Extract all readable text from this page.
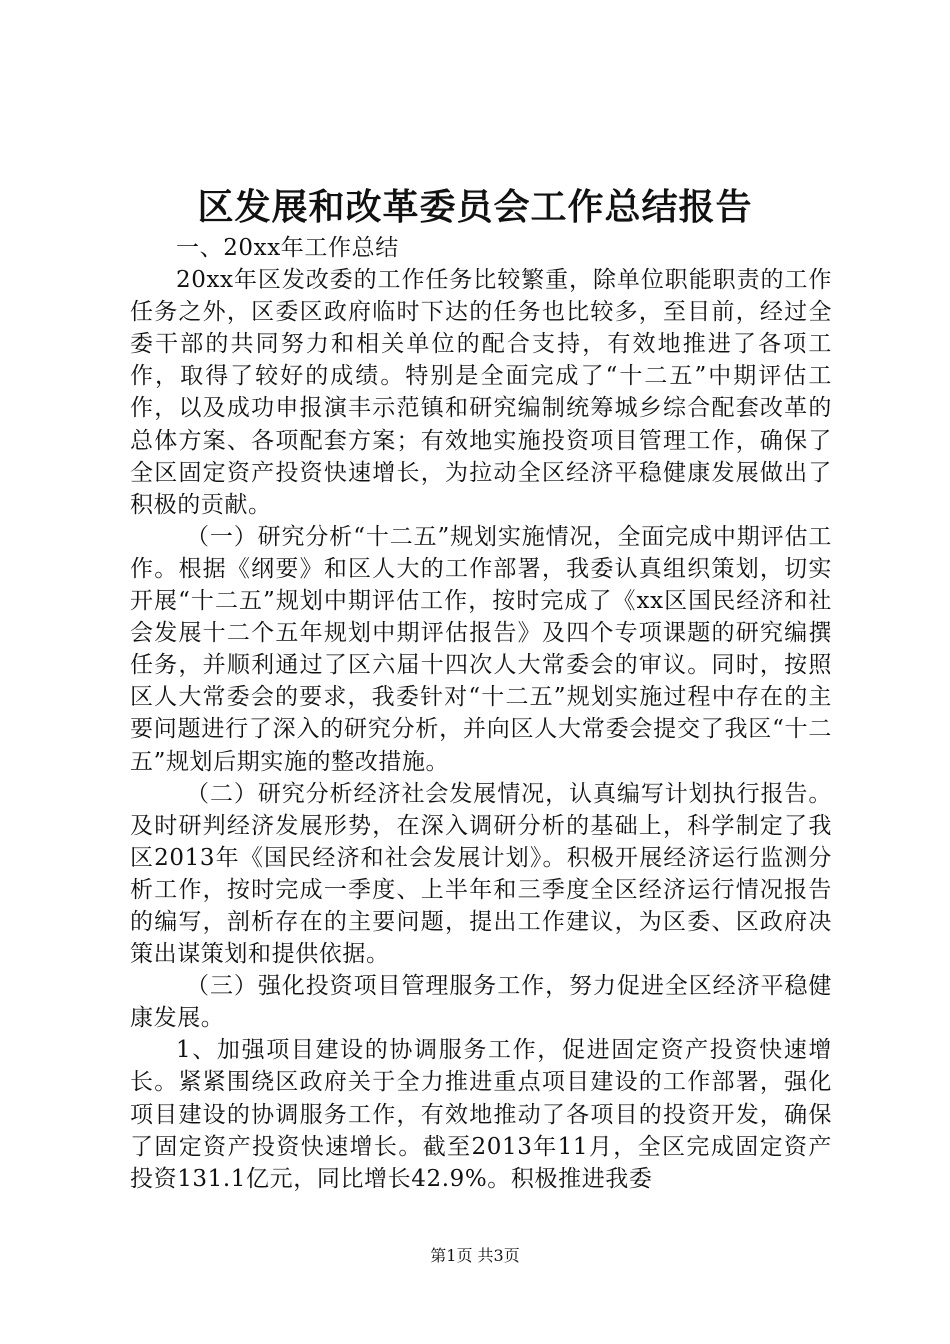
区发展和改革委员会工作总结报告

一、20xx年工作总结

20xx年区发改委的工作任务比较繁重，除单位职能职责的工作任务之外，区委区政府临时下达的任务也比较多，至目前，经过全委干部的共同努力和相关单位的配合支持，有效地推进了各项工作，取得了较好的成绩。特别是全面完成了“十二五”中期评估工作，以及成功申报演丰示范镇和研究编制统筹城乡综合配套改革的总体方案、各项配套方案；有效地实施投资项目管理工作，确保了全区固定资产投资快速增长，为拉动全区经济平稳健康发展做出了积极的贡献。

（一）研究分析“十二五”规划实施情况，全面完成中期评估工作。根据《纲要》和区人大的工作部署，我委认真组织策划，切实开展“十二五”规划中期评估工作，按时完成了《xx区国民经济和社会发展十二个五年规划中期评估报告》及四个专项课题的研究编撰任务，并顺利通过了区六届十四次人大常委会的审议。同时，按照区人大常委会的要求，我委针对“十二五”规划实施过程中存在的主要问题进行了深入的研究分析，并向区人大常委会提交了我区“十二五”规划后期实施的整改措施。

（二）研究分析经济社会发展情况，认真编写计划执行报告。及时研判经济发展形势，在深入调研分析的基础上，科学制定了我区2013年《国民经济和社会发展计划》。积极开展经济运行监测分析工作，按时完成一季度、上半年和三季度全区经济运行情况报告的编写，剖析存在的主要问题，提出工作建议，为区委、区政府决策出谋策划和提供依据。

（三）强化投资项目管理服务工作，努力促进全区经济平稳健康发展。

1、加强项目建设的协调服务工作，促进固定资产投资快速增长。紧紧围绕区政府关于全力推进重点项目建设的工作部署，强化项目建设的协调服务工作，有效地推动了各项目的投资开发，确保了固定资产投资快速增长。截至2013年11月，全区完成固定资产投资131.1亿元，同比增长42.9%。积极推进我委

第1页 共3页
